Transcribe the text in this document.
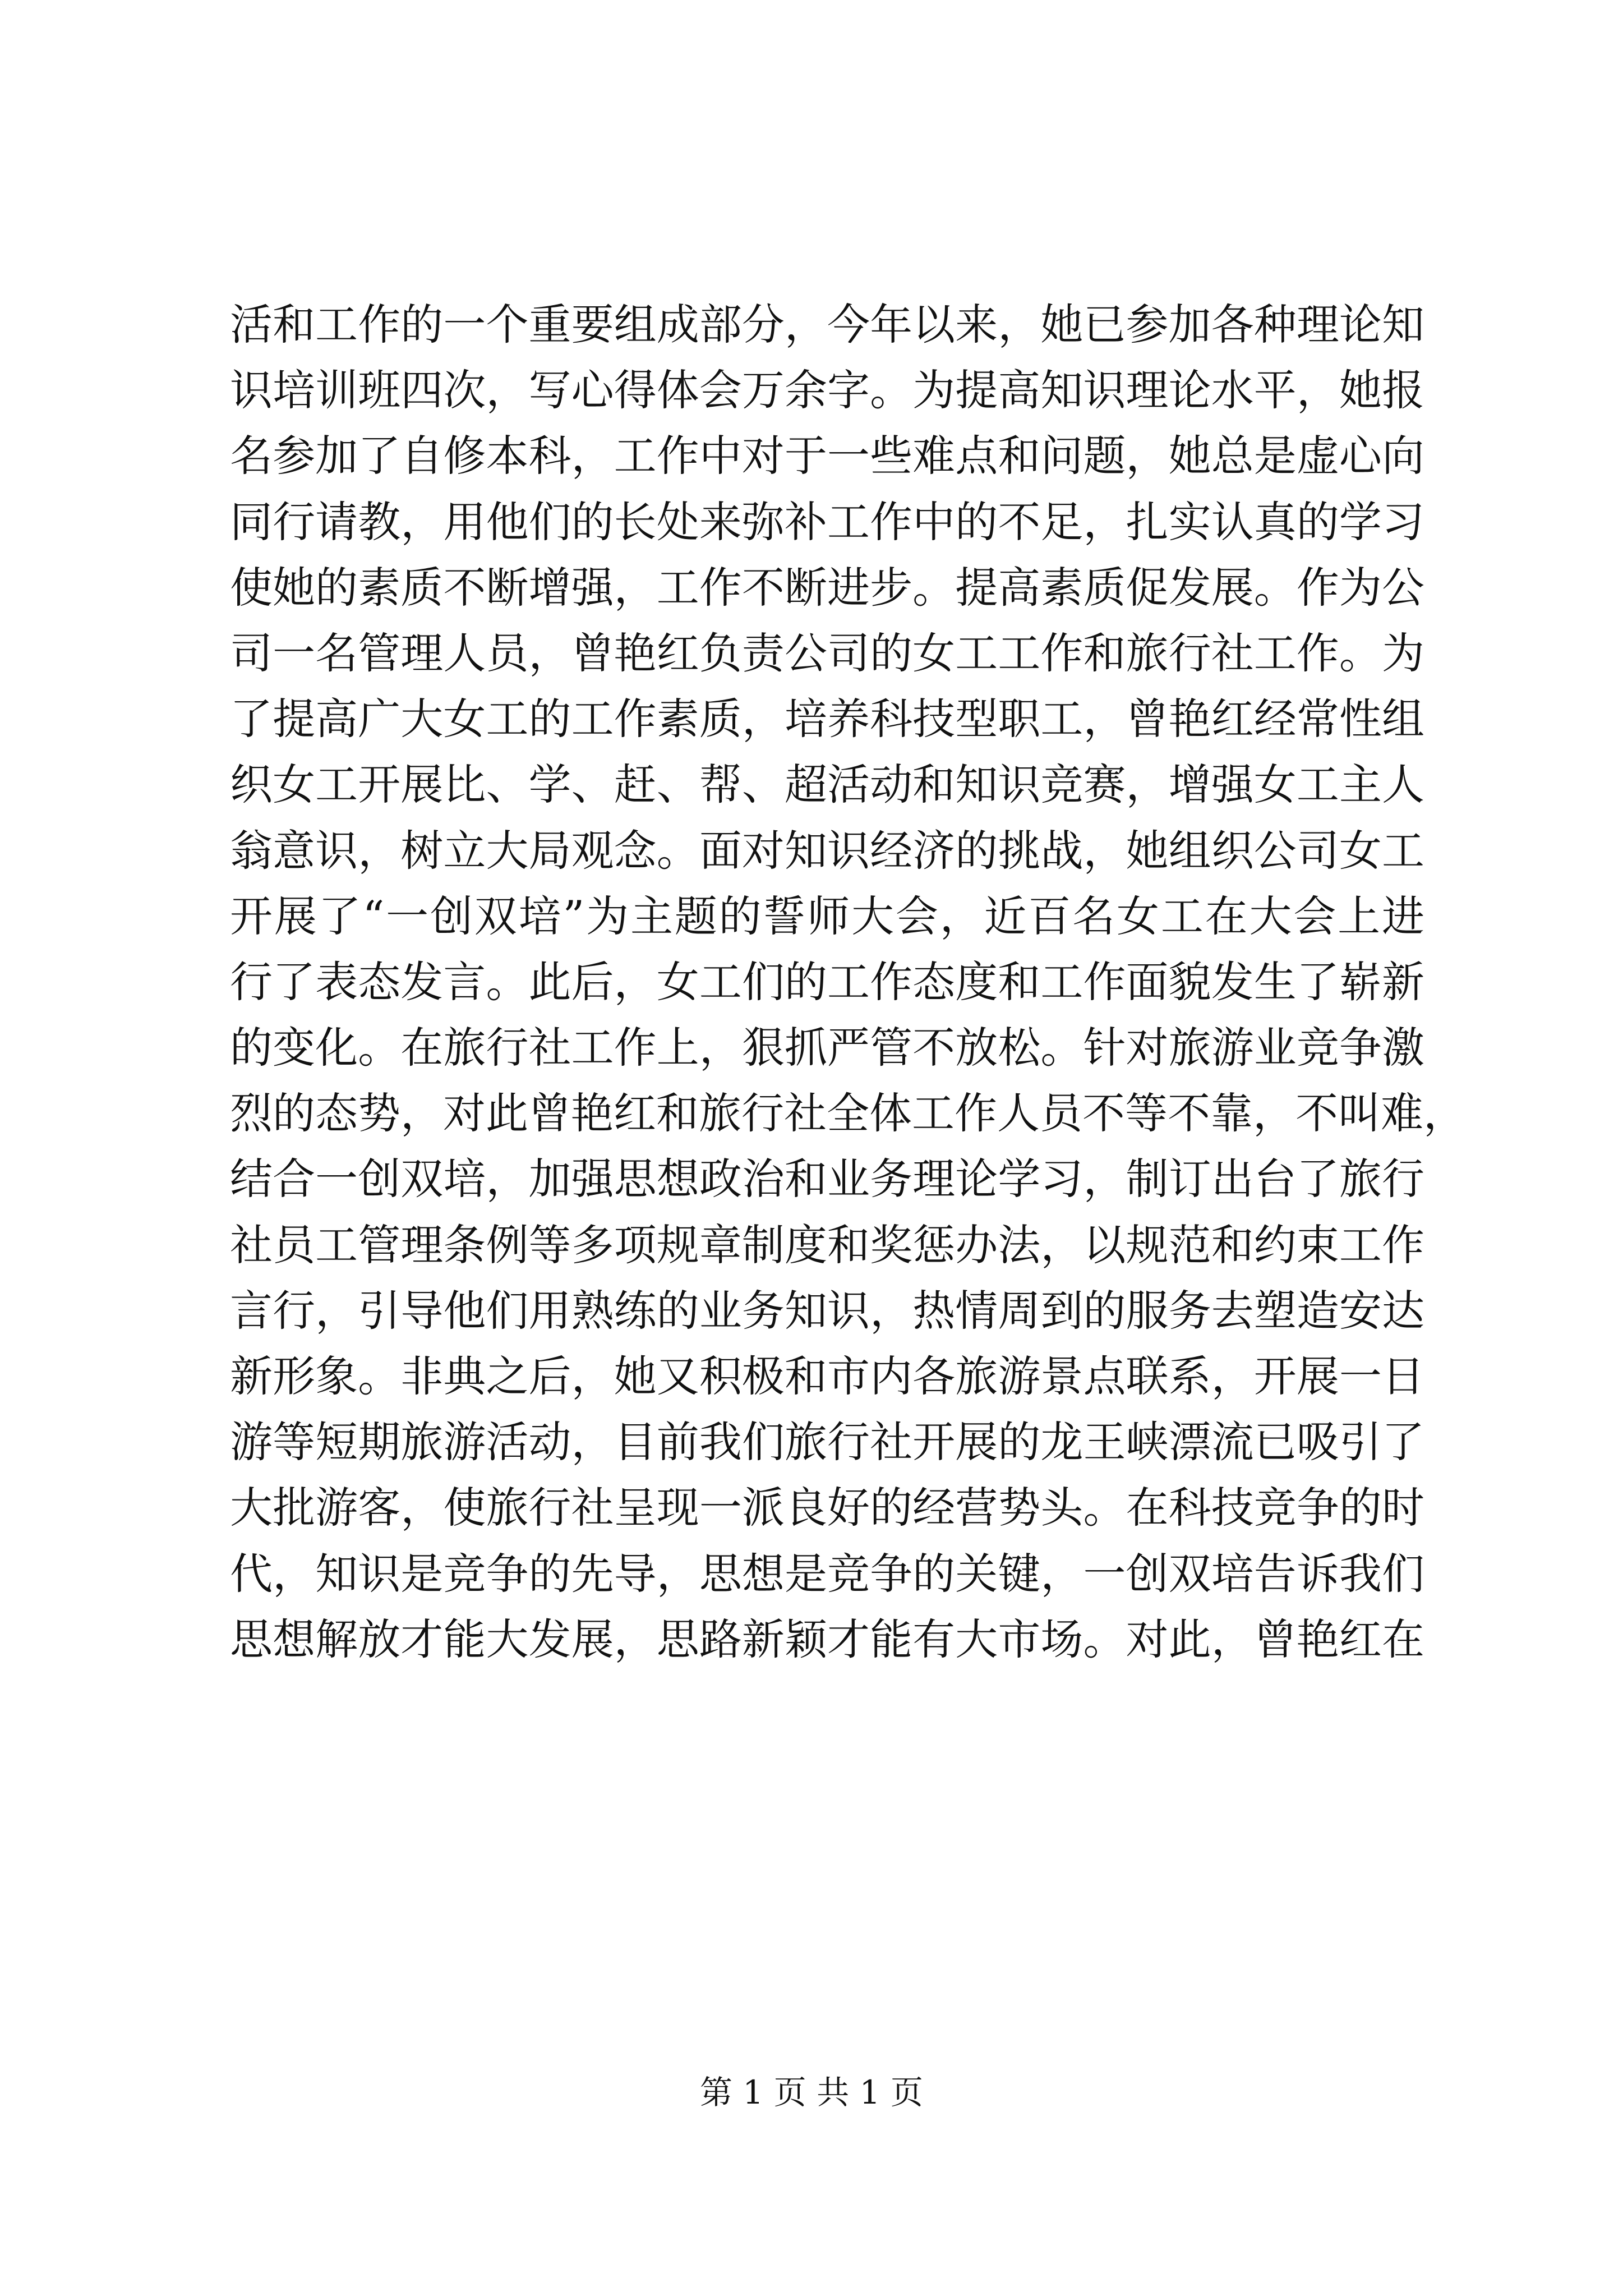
活和工作的一个重要组成部分，今年以来，她已参加各种理论知
识培训班四次，写心得体会万余字。为提高知识理论水平，她报
名参加了自修本科，工作中对于一些难点和问题，她总是虚心向
同行请教，用他们的长处来弥补工作中的不足，扎实认真的学习
使她的素质不断增强，工作不断进步。提高素质促发展。作为公
司一名管理人员，曾艳红负责公司的女工工作和旅行社工作。为
了提高广大女工的工作素质，培养科技型职工，曾艳红经常性组
织女工开展比、学、赶、帮、超活动和知识竞赛，增强女工主人
翁意识，树立大局观念。面对知识经济的挑战，她组织公司女工
开展了“一创双培”为主题的誓师大会，近百名女工在大会上进
行了表态发言。此后，女工们的工作态度和工作面貌发生了崭新
的变化。在旅行社工作上，狠抓严管不放松。针对旅游业竞争激
烈的态势，对此曾艳红和旅行社全体工作人员不等不靠，不叫难，
结合一创双培，加强思想政治和业务理论学习，制订出台了旅行
社员工管理条例等多项规章制度和奖惩办法，以规范和约束工作
言行，引导他们用熟练的业务知识，热情周到的服务去塑造安达
新形象。非典之后，她又积极和市内各旅游景点联系，开展一日
游等短期旅游活动，目前我们旅行社开展的龙王峡漂流已吸引了
大批游客，使旅行社呈现一派良好的经营势头。在科技竞争的时
代，知识是竞争的先导，思想是竞争的关键，一创双培告诉我们
思想解放才能大发展，思路新颖才能有大市场。对此，曾艳红在
第 1 页 共 1 页
